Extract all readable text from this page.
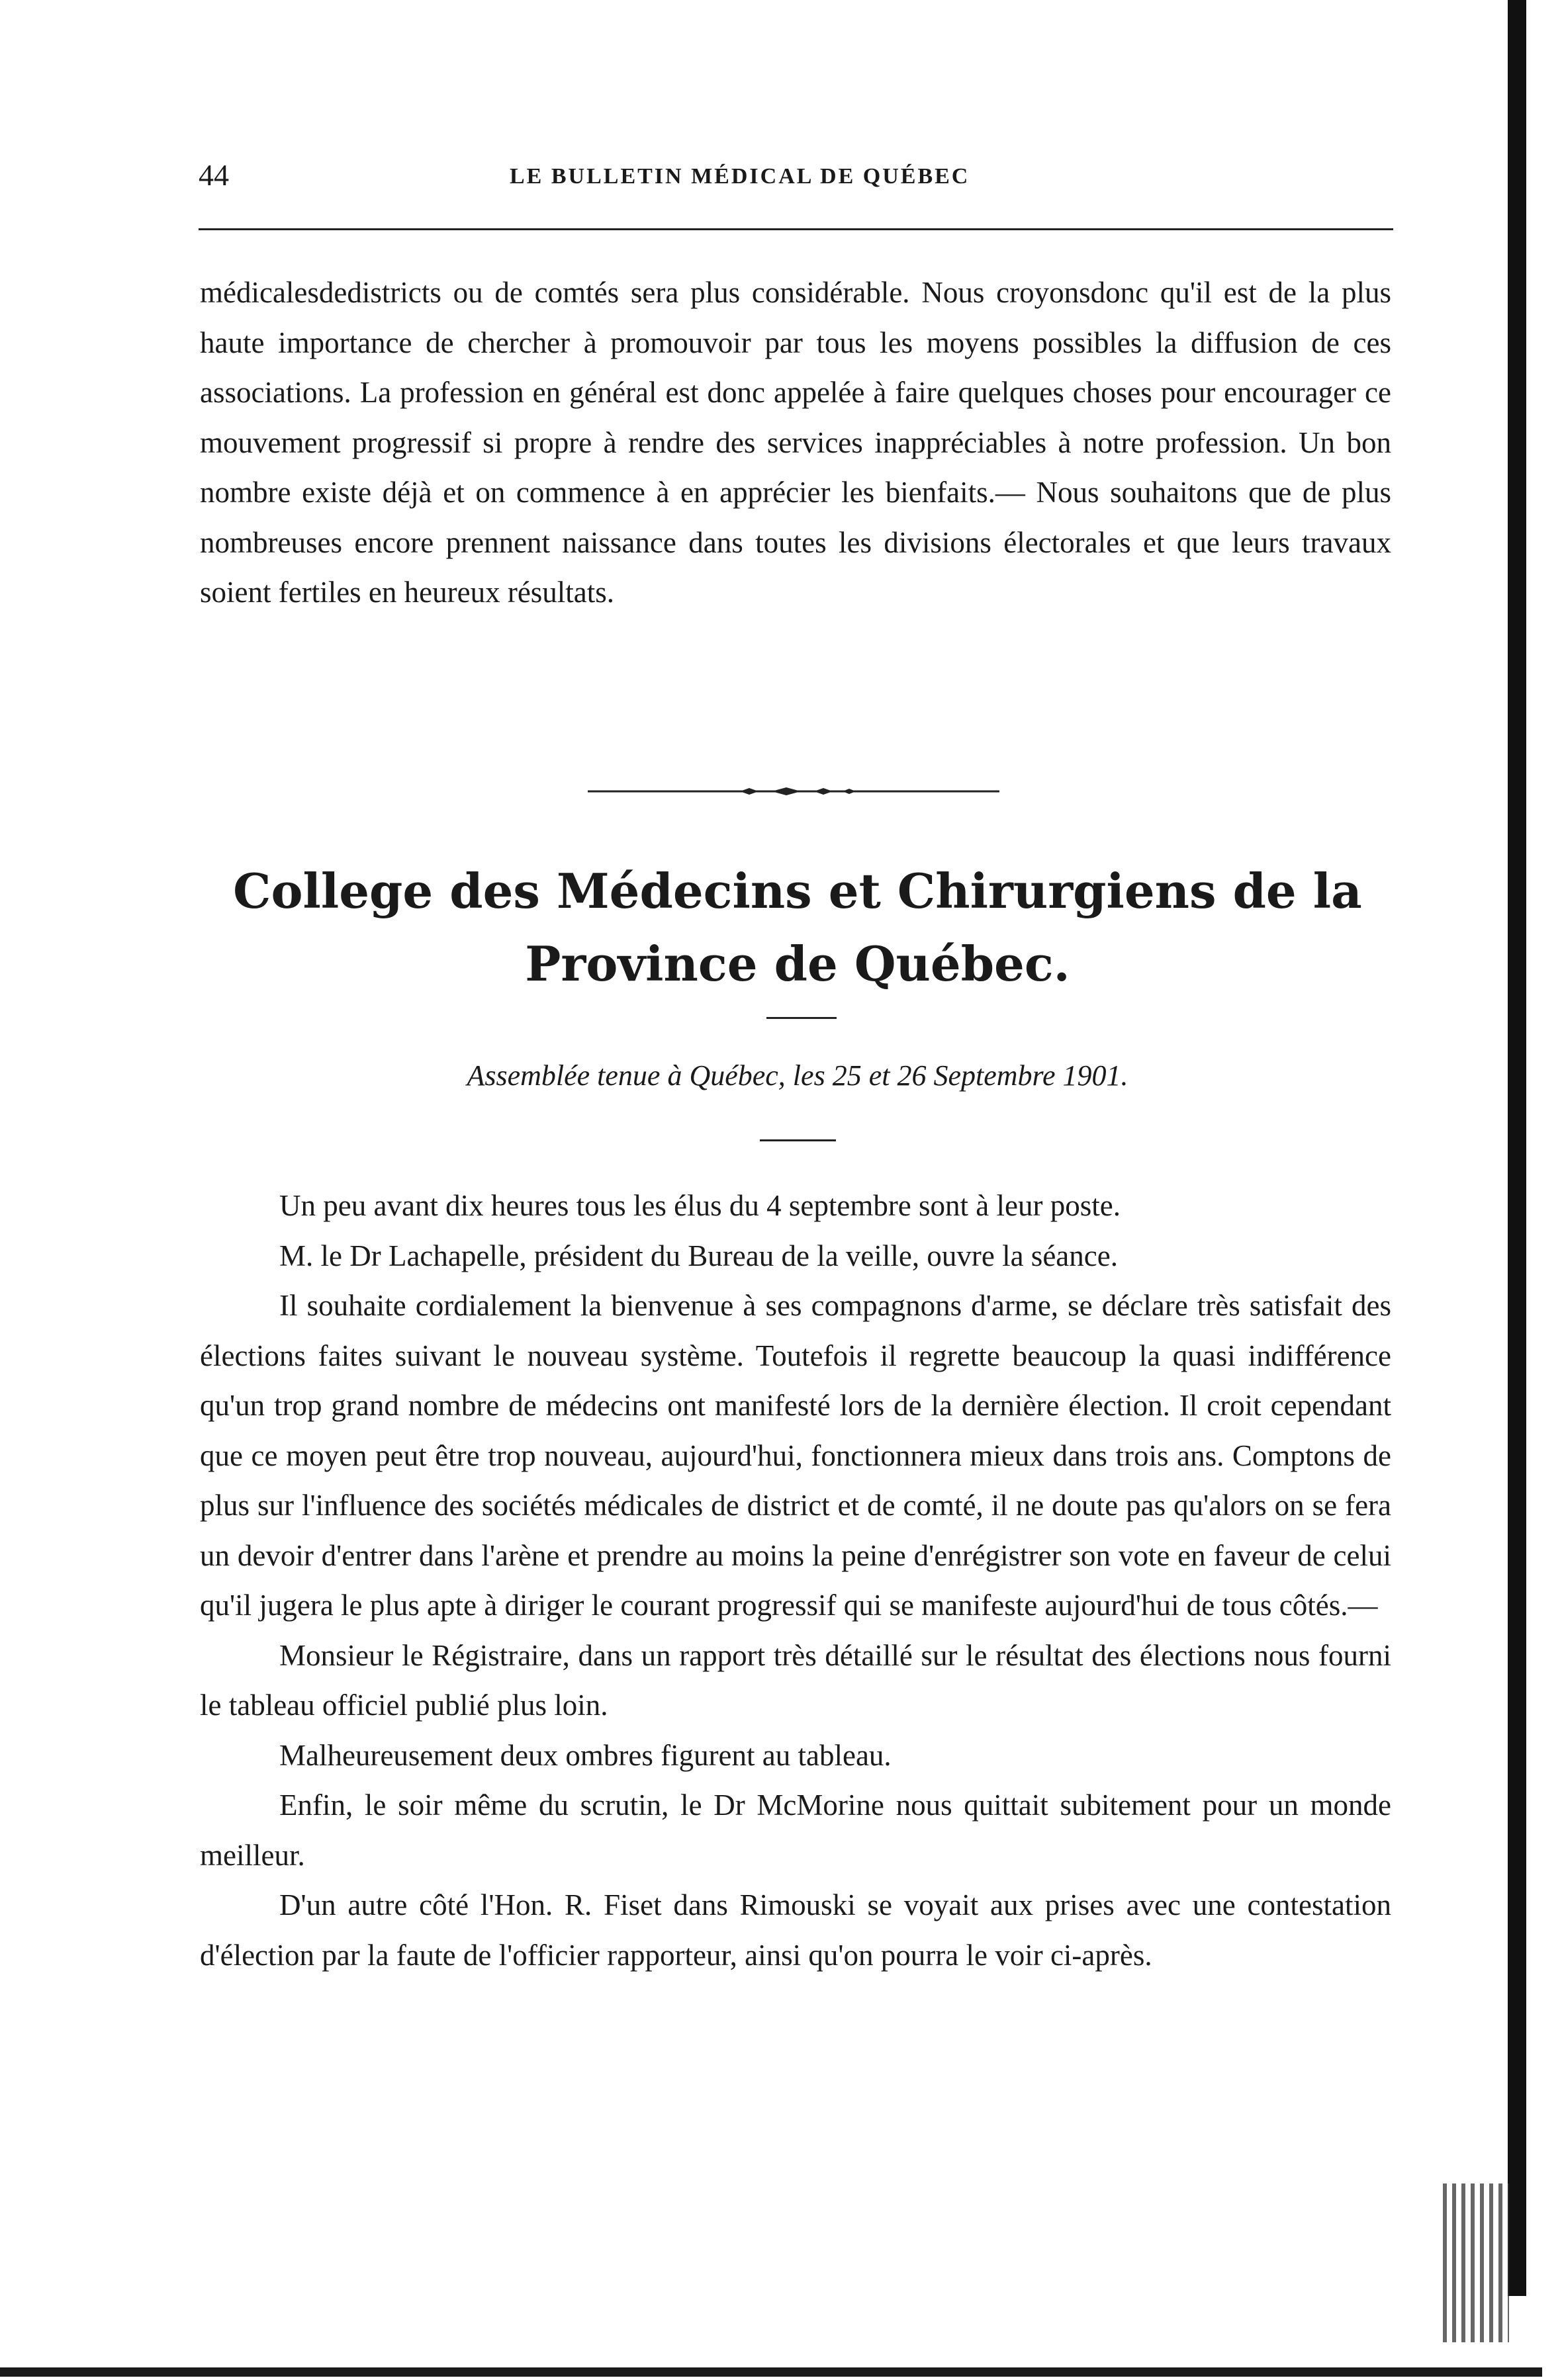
44	LE BULLETIN MÉDICAL DE QUÉBEC

médicalesdedistricts ou de comtés sera plus considérable. Nous croyonsdonc qu'il est de la plus haute importance de chercher à promouvoir par tous les moyens possibles la diffusion de ces associations. La profession en général est donc appelée à faire quelques choses pour encourager ce mouvement progressif si propre à rendre des services inappréciables à notre profession. Un bon nombre existe déjà et on commence à en apprécier les bienfaits.— Nous souhaitons que de plus nombreuses encore prennent naissance dans toutes les divisions électorales et que leurs travaux soient fertiles en heureux résultats.

College des Médecins et Chirurgiens de la
Province de Québec.
Assemblée tenue à Québec, les 25 et 26 Septembre 1901.

Un peu avant dix heures tous les élus du 4 septembre sont à leur poste.

M. le Dr Lachapelle, président du Bureau de la veille, ouvre la séance.

Il souhaite cordialement la bienvenue à ses compagnons d'arme, se déclare très satisfait des élections faites suivant le nouveau système. Toutefois il regrette beaucoup la quasi indifférence qu'un trop grand nombre de médecins ont manifesté lors de la dernière élection. Il croit cependant que ce moyen peut être trop nouveau, aujourd'hui, fonctionnera mieux dans trois ans. Comptons de plus sur l'influence des sociétés médicales de district et de comté, il ne doute pas qu'alors on se fera un devoir d'entrer dans l'arène et prendre au moins la peine d'enrégistrer son vote en faveur de celui qu'il jugera le plus apte à diriger le courant progressif qui se manifeste aujourd'hui de tous côtés.—

Monsieur le Régistraire, dans un rapport très détaillé sur le résultat des élections nous fourni le tableau officiel publié plus loin.

Malheureusement deux ombres figurent au tableau.

Enfin, le soir même du scrutin, le Dr McMorine nous quittait subitement pour un monde meilleur.

D'un autre côté l'Hon. R. Fiset dans Rimouski se voyait aux prises avec une contestation d'élection par la faute de l'officier rapporteur, ainsi qu'on pourra le voir ci-après.
